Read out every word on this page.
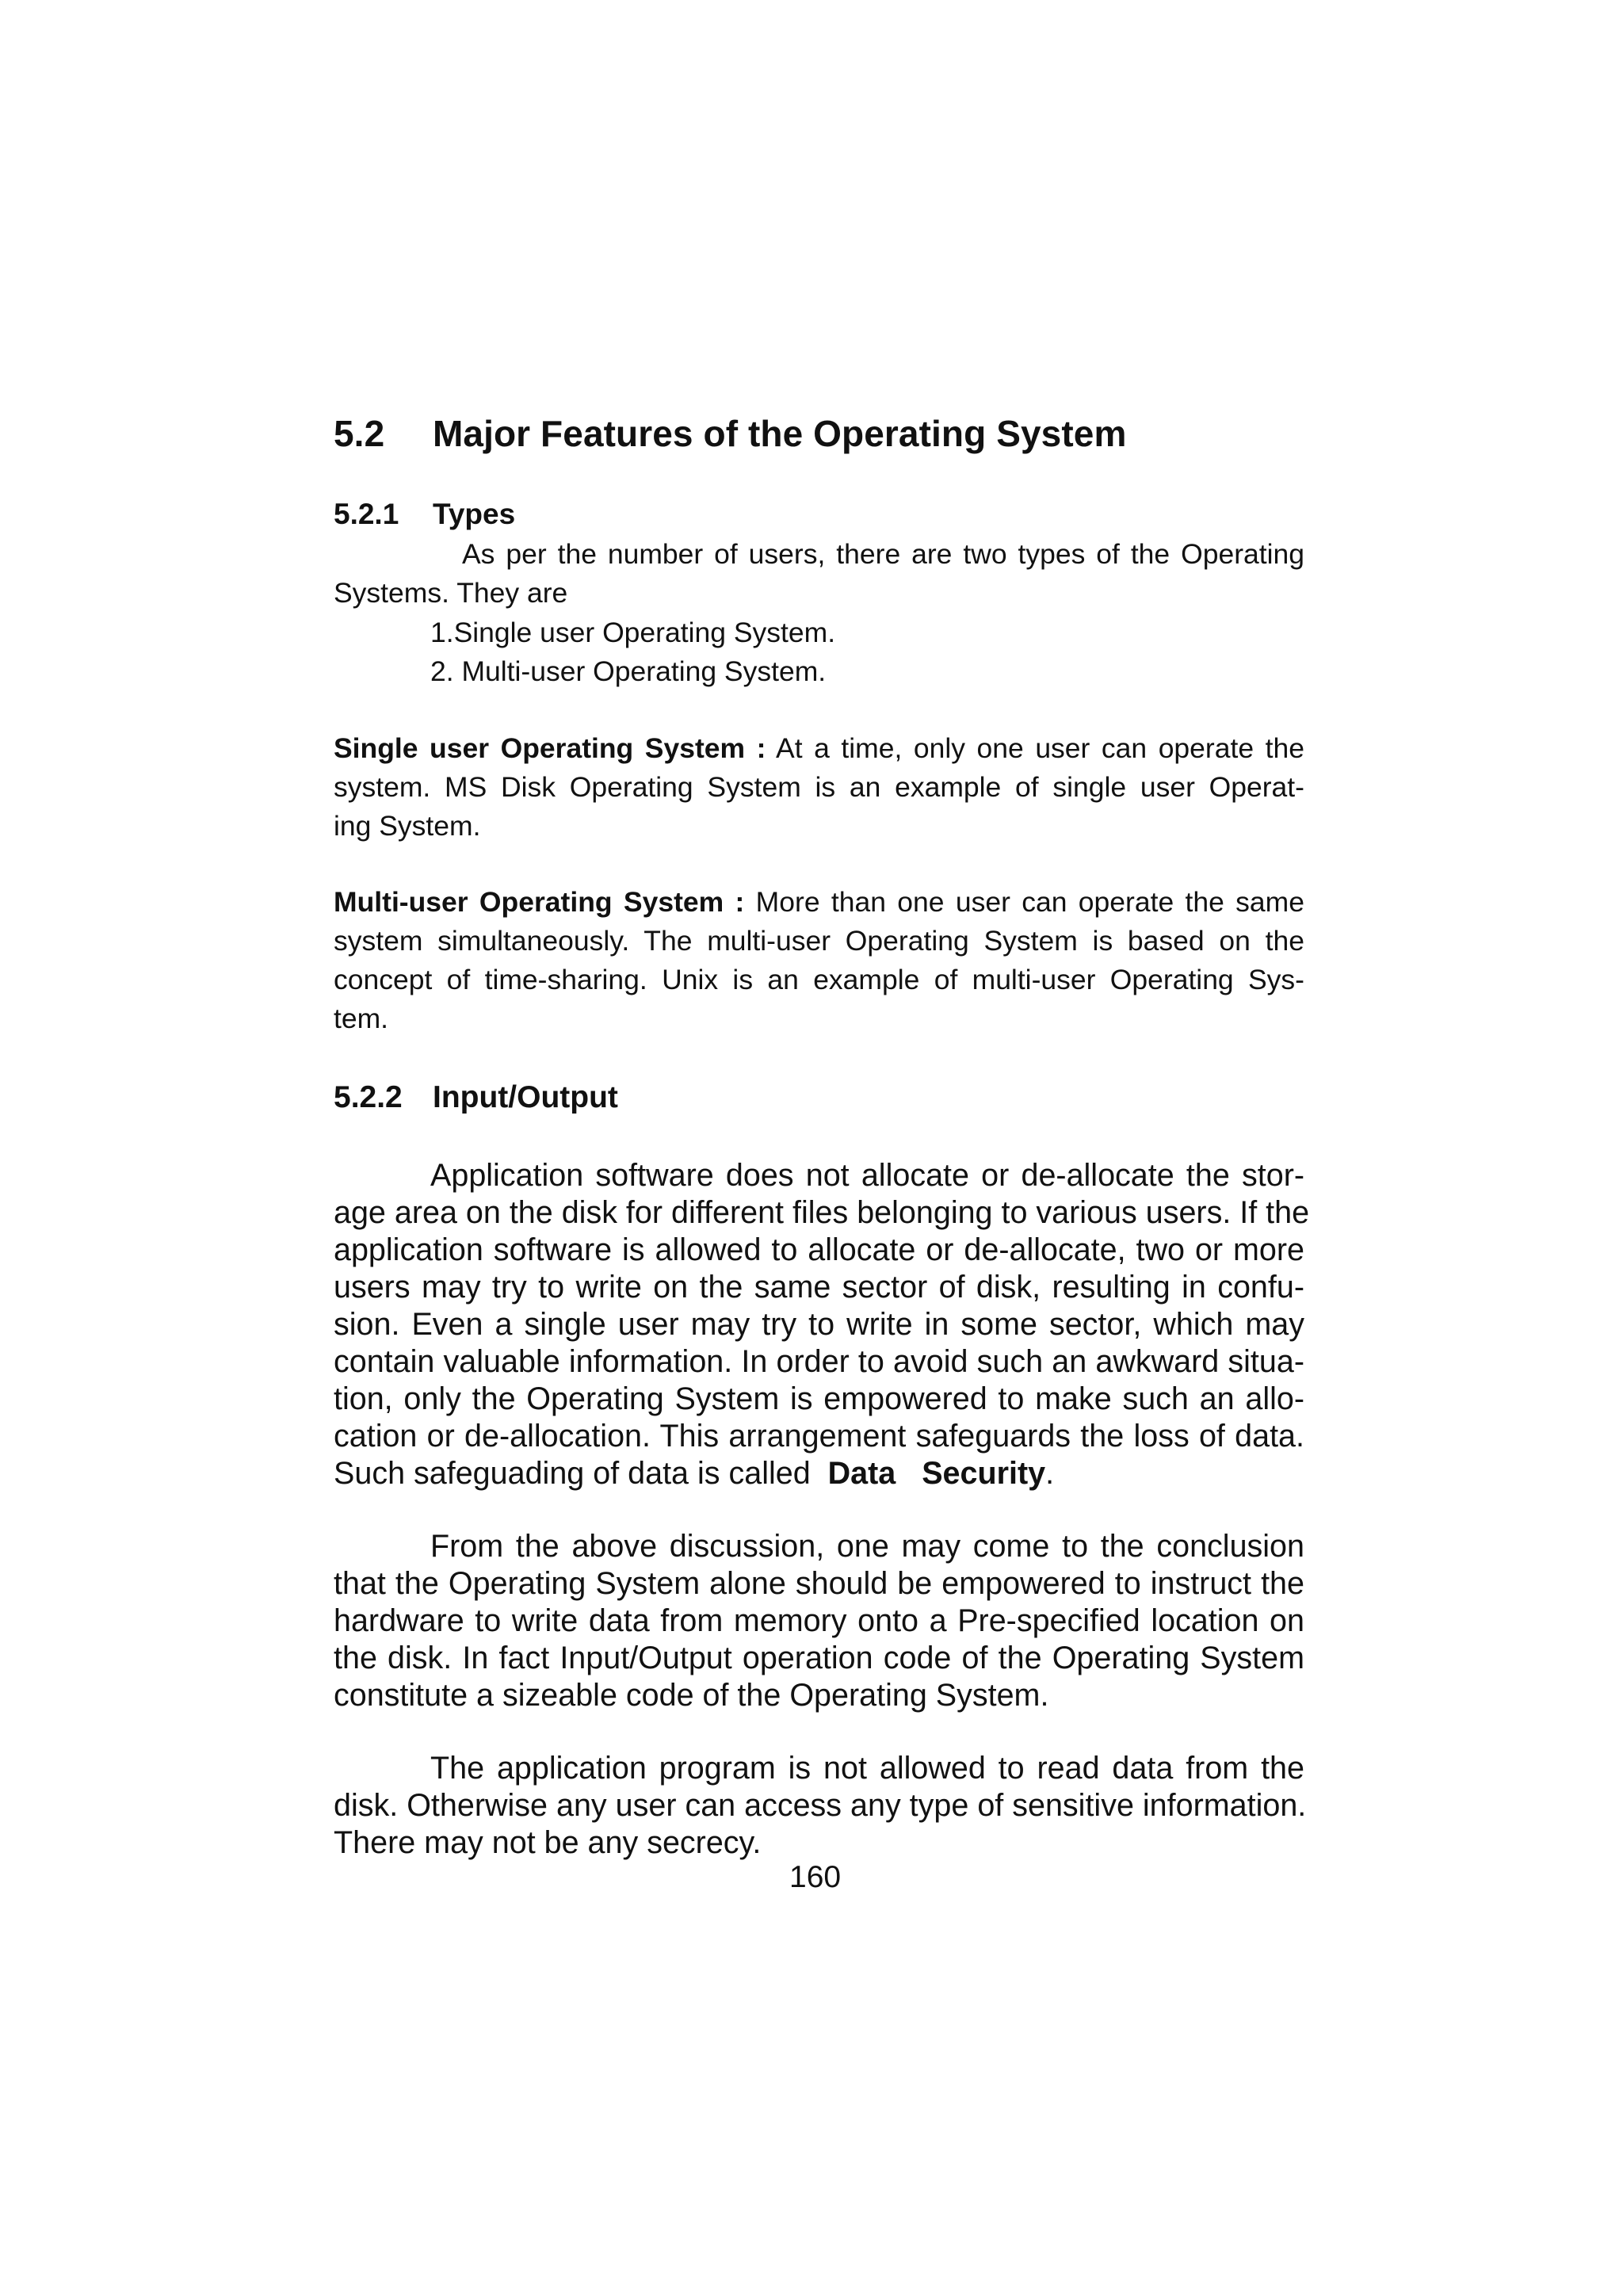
5.2 Major Features of the Operating System
5.2.1 Types
As per the number of users, there are two types of the Operating
Systems. They are
1.Single user Operating System.
2. Multi-user Operating System.
Single user Operating System : At a time, only one user can operate the
system. MS Disk Operating System is an example of single user Operat-
ing System.
Multi-user Operating System : More than one user can operate the same
system simultaneously. The multi-user Operating System is based on the
concept of time-sharing. Unix is an example of multi-user Operating Sys-
tem.
5.2.2 Input/Output
Application software does not allocate or de-allocate the stor-
age area on the disk for different files belonging to various users. If the
application software is allowed to allocate or de-allocate, two or more
users may try to write on the same sector of disk, resulting in confu-
sion. Even a single user may try to write in some sector, which may
contain valuable information. In order to avoid such an awkward situa-
tion, only the Operating System is empowered to make such an allo-
cation or de-allocation. This arrangement safeguards the loss of data.
Such safeguading of data is called  Data   Security.
From the above discussion, one may come to the conclusion
that the Operating System alone should be empowered to instruct the
hardware to write data from memory onto a Pre-specified location on
the disk. In fact Input/Output operation code of the Operating System
constitute a sizeable code of the Operating System.
The application program is not allowed to read data from the
disk. Otherwise any user can access any type of sensitive information.
There may not be any secrecy.
160
